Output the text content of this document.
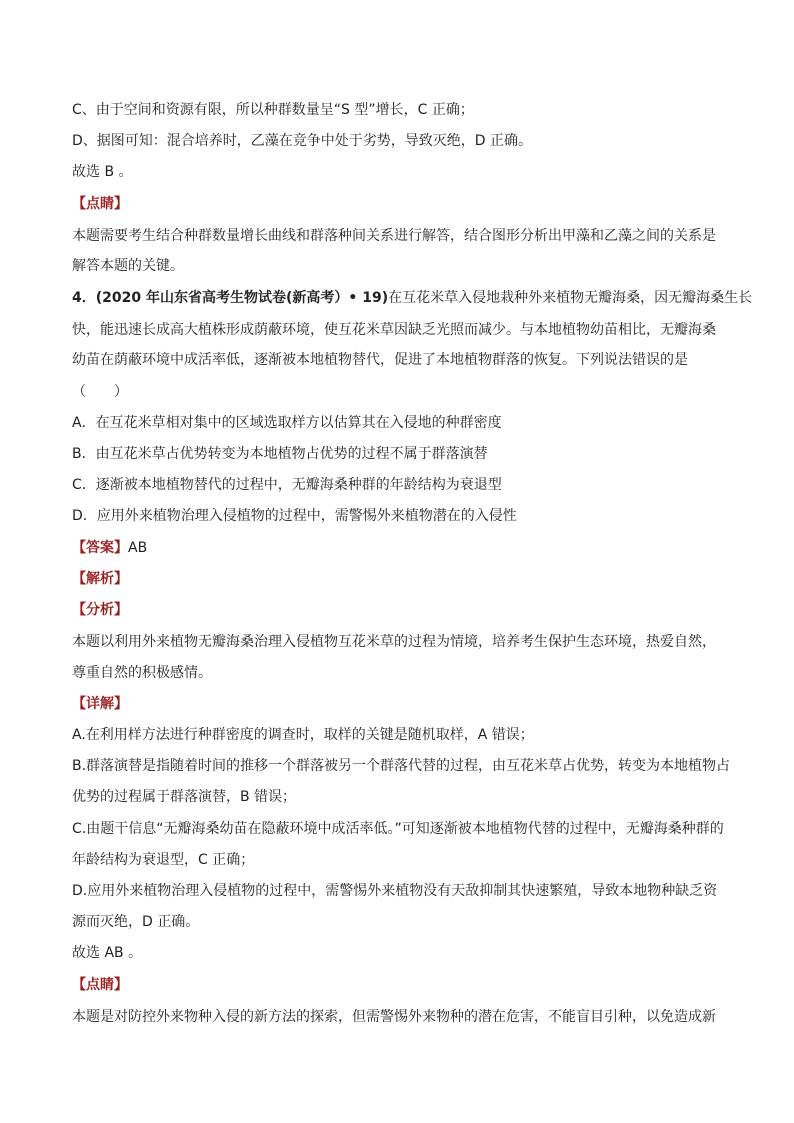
C、由于空间和资源有限，所以种群数量呈“S 型”增长，C 正确；
D、据图可知：混合培养时，乙藻在竞争中处于劣势，导致灭绝，D 正确。
故选 B 。
【点睛】
本题需要考生结合种群数量增长曲线和群落种间关系进行解答，结合图形分析出甲藻和乙藻之间的关系是
解答本题的关键。
4．(2020 年山东省高考生物试卷(新高考）• 19)在互花米草入侵地栽种外来植物无瓣海桑，因无瓣海桑生长
快，能迅速长成高大植株形成荫蔽环境，使互花米草因缺乏光照而减少。与本地植物幼苗相比，无瓣海桑
幼苗在荫蔽环境中成活率低，逐渐被本地植物替代，促进了本地植物群落的恢复。下列说法错误的是
（　　）
A．在互花米草相对集中的区域选取样方以估算其在入侵地的种群密度
B．由互花米草占优势转变为本地植物占优势的过程不属于群落演替
C．逐渐被本地植物替代的过程中，无瓣海桑种群的年龄结构为衰退型
D．应用外来植物治理入侵植物的过程中，需警惕外来植物潜在的入侵性
【答案】AB
【解析】
【分析】
本题以利用外来植物无瓣海桑治理入侵植物互花米草的过程为情境，培养考生保护生态环境，热爱自然，
尊重自然的积极感情。
【详解】
A.在利用样方法进行种群密度的调查时，取样的关键是随机取样，A 错误；
B.群落演替是指随着时间的推移一个群落被另一个群落代替的过程，由互花米草占优势，转变为本地植物占
优势的过程属于群落演替，B 错误；
C.由题干信息“无瓣海桑幼苗在隐蔽环境中成活率低。”可知逐渐被本地植物代替的过程中，无瓣海桑种群的
年龄结构为衰退型，C 正确；
D.应用外来植物治理入侵植物的过程中，需警惕外来植物没有天敌抑制其快速繁殖，导致本地物种缺乏资
源而灭绝，D 正确。
故选 AB 。
【点睛】
本题是对防控外来物种入侵的新方法的探索，但需警惕外来物种的潜在危害，不能盲目引种，以免造成新
